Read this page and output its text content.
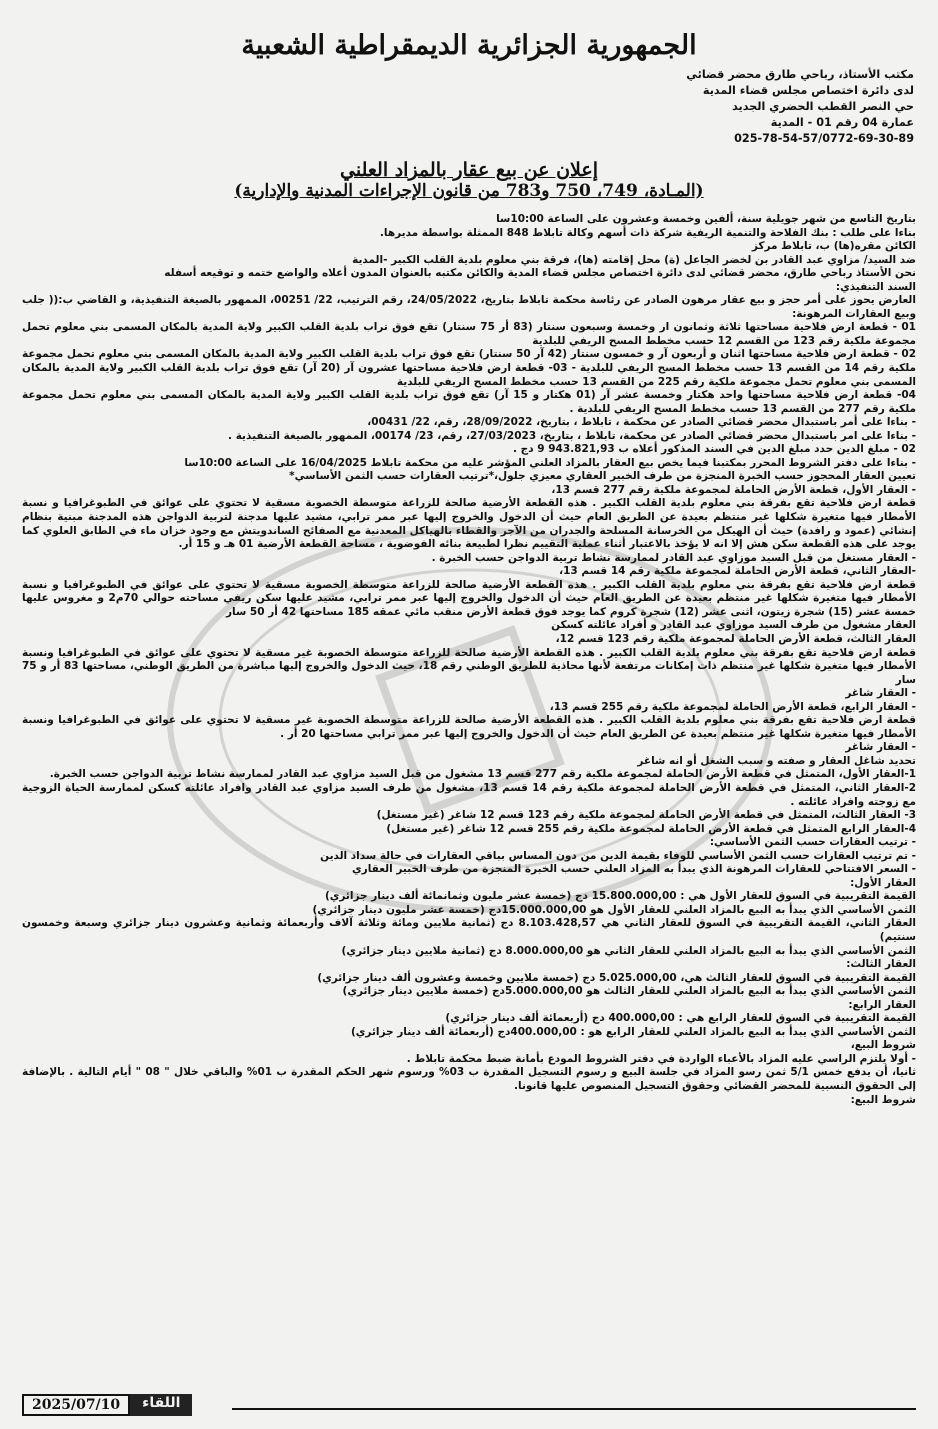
الجمهورية الجزائرية الديمقراطية الشعبية
مكتب الأستاذ، رباحي طارق محضر قضائي
لدى دائرة اختصاص مجلس قضاء المدية
حي النصر القطب الحضري الجديد
عمارة 04 رقم 01 - المدية
025-78-54-57/0772-69-30-89
إعلان عن بيع عقار بالمزاد العلني
(المـادة، 749، 750 و783 من قانون الإجراءات المدنية والإدارية)

بتاريخ التاسع من شهر جويلية سنة، ألفين وخمسة وعشرون على الساعة 10:00سا

بناءا على طلب : بنك الفلاحة والتنمية الريفية شركة ذات أسهم وكالة تابلاط 848 الممثلة بواسطة مديرها.

الكائن مقره(ها) ب، تابلاط مركز

ضد السيد/ مزاوي عبد القادر بن لخضر الجاعل (ة) محل إقامته (ها)، فرقة بني معلوم بلدية القلب الكبير -المدية

نحن الأستاذ رباحي طارق، محضر قضائي لدى دائرة اختصاص مجلس قضاء المدية والكائن مكتبه بالعنوان المدون أعلاه والواضع ختمه و توقيعه أسفله

السند التنفيذي:

العارض يحوز على أمر حجز و بيع عقار مرهون الصادر عن رئاسة محكمة تابلاط بتاريخ، 24/05/2022، رقم الترتيب، 22/ 00251، الممهور بالصيغة التنفيذية، و القاضي ب:(( جلب وبيع العقارات المرهونة:

01 - قطعة ارض فلاحية مساحتها ثلاثة وثمانون ار وخمسة وسبعون سنتار (83 أر 75 سنتار) تقع فوق تراب بلدية القلب الكبير ولاية المدية بالمكان المسمى بني معلوم تحمل مجموعة ملكية رقم 123 من القسم 12 حسب مخطط المسح الريفي للبلدية

02 - قطعة ارض فلاحية مساحتها اثنان و أربعون آر و خمسون سنتار (42 آر 50 سنتار) تقع فوق تراب بلدية القلب الكبير ولاية المدية بالمكان المسمى بني معلوم تحمل مجموعة ملكية رقم 14 من القسم 13 حسب مخطط المسح الريفي للبلدية - 03- قطعة ارض فلاحية مساحتها عشرون آر (20 آر) تقع فوق تراب بلدية القلب الكبير ولاية المدية بالمكان المسمى بني معلوم تحمل مجموعة ملكية رقم 225 من القسم 13 حسب مخطط المسح الريفي للبلدية

04- قطعة ارض فلاحية مساحتها واحد هكتار وخمسة عشر آر (01 هكتار و 15 آر) تقع فوق تراب بلدية القلب الكبير ولاية المدية بالمكان المسمى بني معلوم تحمل مجموعة ملكية رقم 277 من القسم 13 حسب مخطط المسح الريفي للبلدية .

- بناءا على أمر باستبدال محضر قضائي الصادر عن محكمة ، تابلاط ، بتاريخ، 28/09/2022، رقم، 22/ 00431،

- بناءا على امر باستبدال محضر قضائي الصادر عن محكمة، تابلاط ، بتاريخ، 27/03/2023، رقم، 23/ 00174، الممهور بالصيغة التنفيذية .

02 - مبلغ الدين حدد مبلغ الدين في السند المذكور أعلاه ب 943.821,93 9 دج .

- بناءا على دفتر الشروط المحرر بمكتبنا فيما يخص بيع العقار بالمزاد العلني المؤشر عليه من محكمة تابلاط 16/04/2025 على الساعة 10:00سا

تعيين العقار المحجوز حسب الخبرة المنجزة من طرف الخبير العقاري معيزي جلول،*ترتيب العقارات حسب الثمن الأساسي*

- العقار الأول، قطعة الأرض الحاملة لمجموعة ملكية رقم 277 قسم 13،

قطعة ارض فلاحية تقع بفرقة بني معلوم بلدية القلب الكبير . هذه القطعة الأرضية صالحة للزراعة متوسطة الخصوبة مسقية لا تحتوي على عوائق في الطبوغرافيا و نسبة الأمطار فيها متغيرة شكلها غير منتظم بعيدة عن الطريق العام حيث أن الدخول والخروج إليها عبر ممر ترابي، مشيد عليها مدجنة لتربية الدواجن هذه المدجنة مبنية بنظام إنشائي (عمود و رافدة) حيث أن الهيكل من الخرسانة المسلحة والجدران من الآجر والقطاء بالهياكل المعدنية مع الصفائح الساندويتش مع وجود خزان ماء في الطابق العلوي كما يوجد على هذه القطعة سكن هش إلا انه لا يؤخذ بالاعتبار أثناء عملية التقييم نظرا لطبيعة بنائه الفوضوية ، مساحة القطعة الأرضية 01 هـ و 15 أر.

- العقار مستغل من قبل السيد موزاوي عبد القادر لممارسة نشاط تربية الدواجن حسب الخبرة .

-العقار الثاني، قطعة الأرض الحاملة لمجموعة ملكية رقم 14 قسم 13،

قطعة ارض فلاحية تقع بفرقة بني معلوم بلدية القلب الكبير . هذه القطعة الأرضية صالحة للزراعة متوسطة الخصوبة مسقية لا تحتوي على عوائق في الطبوغرافيا و نسبة الأمطار فيها متغيرة شكلها غير منتظم بعيدة عن الطريق العام حيث أن الدخول والخروج إليها عبر ممر ترابي، مشيد عليها سكن ريفي مساحته حوالي 70م2 و مغروس عليها خمسة عشر (15) شجرة زيتون، اثنى عشر (12) شجرة كروم كما يوجد فوق قطعة الأرض منقب مائي عمقه 185 مساحتها 42 أر 50 سار

العقار مشغول من طرف السيد موزاوي عبد القادر و أفراد عائلته كسكن

العقار الثالث، قطعة الأرض الحاملة لمجموعة ملكية رقم 123 قسم 12،

قطعة ارض فلاحية تقع بفرقة بني معلوم بلدية القلب الكبير . هذه القطعة الأرضية صالحة للزراعة متوسطة الخصوبة غير مسقية لا تحتوي على عوائق في الطبوغرافيا ونسبة الأمطار فيها متغيرة شكلها غير منتظم ذات إمكانات مرتفعة لأنها محاذية للطريق الوطني رقم 18، حيث الدخول والخروج إليها مباشرة من الطريق الوطني، مساحتها 83 أر و 75 سار

- العقار شاغر

- العقار الرابع، قطعة الأرض الحاملة لمجموعة ملكية رقم 255 قسم 13،

قطعة ارض فلاحية تقع بفرقة بني معلوم بلدية القلب الكبير . هذه القطعة الأرضية صالحة للزراعة متوسطة الخصوبة غير مسقية لا تحتوي على عوائق في الطبوغرافيا ونسبة الأمطار فيها متغيرة شكلها غير منتظم بعيدة عن الطريق العام حيث أن الدخول والخروج إليها عبر ممر ترابي مساحتها 20 أر .

- العقار شاغر

تحديد شاغل العقار و صفته و سبب الشغل أو انه شاغر

1-العقار الأول، المتمثل في قطعة الأرض الحاملة لمجموعة ملكية رقم 277 قسم 13 مشغول من قبل السيد مزاوي عبد القادر لممارسة نشاط تربية الدواجن حسب الخبرة.

2-العقار الثاني، المتمثل في قطعة الأرض الحاملة لمجموعة ملكية رقم 14 قسم 13، مشغول من طرف السيد مزاوي عبد القادر وافراد عائلته كسكن لممارسة الحياة الزوجية مع زوجته وافراد عائلته .

3- العقار الثالث، المتمثل في قطعة الأرض الحاملة لمجموعة ملكية رقم 123 قسم 12 شاغر (غير مستغل)

4-العقار الرابع المتمثل في قطعة الأرض الحاملة لمجموعة ملكية رقم 255 قسم 12 شاغر (غير مستغل)

- ترتيب العقارات حسب الثمن الأساسي:

- تم ترتيب العقارات حسب الثمن الأساسي للوفاء بقيمة الدين من دون المساس بباقي العقارات في حالة سداد الدين

- السعر الافتتاحي للعقارات المرهونة الذي يبدأ به المزاد العلني حسب الخبرة المنجزة من طرف الخبير العقاري

العقار الأول:

القيمة التقريبية في السوق للعقار الأول هي : 15.800.000,00 دج (خمسة عشر مليون وثمانمائة ألف دينار جزائري)

الثمن الأساسي الذي يبدأ به البيع بالمزاد العلني للعقار الأول هو 15.000.000,00دج (خمسة عشر مليون دينار جزائري)

العقار الثاني، القيمة التقريبية في السوق للعقار الثاني هي 8.103.428,57 دج (ثمانية ملايين ومائة وثلاثة آلاف وأربعمائة وثمانية وعشرون دينار جزائري وسبعة وخمسون سنتيم)

الثمن الأساسي الذي يبدأ به البيع بالمزاد العلني للعقار الثاني هو 8.000.000,00 دج (ثمانية ملايين دينار جزائري)

العقار الثالث:

القيمة التقريبية في السوق للعقار الثالث هي، 5.025.000,00 دج (خمسة ملايين وخمسة وعشرون ألف دينار جزائري)

الثمن الأساسي الذي يبدأ به البيع بالمزاد العلني للعقار الثالث هو 5.000.000,00دج (خمسة ملايين دينار جزائري)

العقار الرابع:

القيمة التقريبية في السوق للعقار الرابع هي : 400.000,00 دج (أربعمائة ألف دينار جزائري)

الثمن الأساسي الذي يبدأ به البيع بالمزاد العلني للعقار الرابع هو : 400.000,00دج (أربعمائة ألف دينار جزائري)

شروط البيع،

- أولا يلتزم الراسي عليه المزاد بالأعباء الواردة في دفتر الشروط المودع بأمانة ضبط محكمة تابلاط .

ثانيا، أن يدفع خمس 5/1 ثمن رسو المزاد في جلسة البيع و رسوم التسجيل المقدرة ب 03% ورسوم شهر الحكم المقدرة ب 01% والباقي خلال " 08 " أيام التالية . بالإضافة إلى الحقوق النسبية للمحضر القضائي وحقوق التسجيل المنصوص عليها قانونا.

شروط البيع:

2025/07/10	اللقاء
